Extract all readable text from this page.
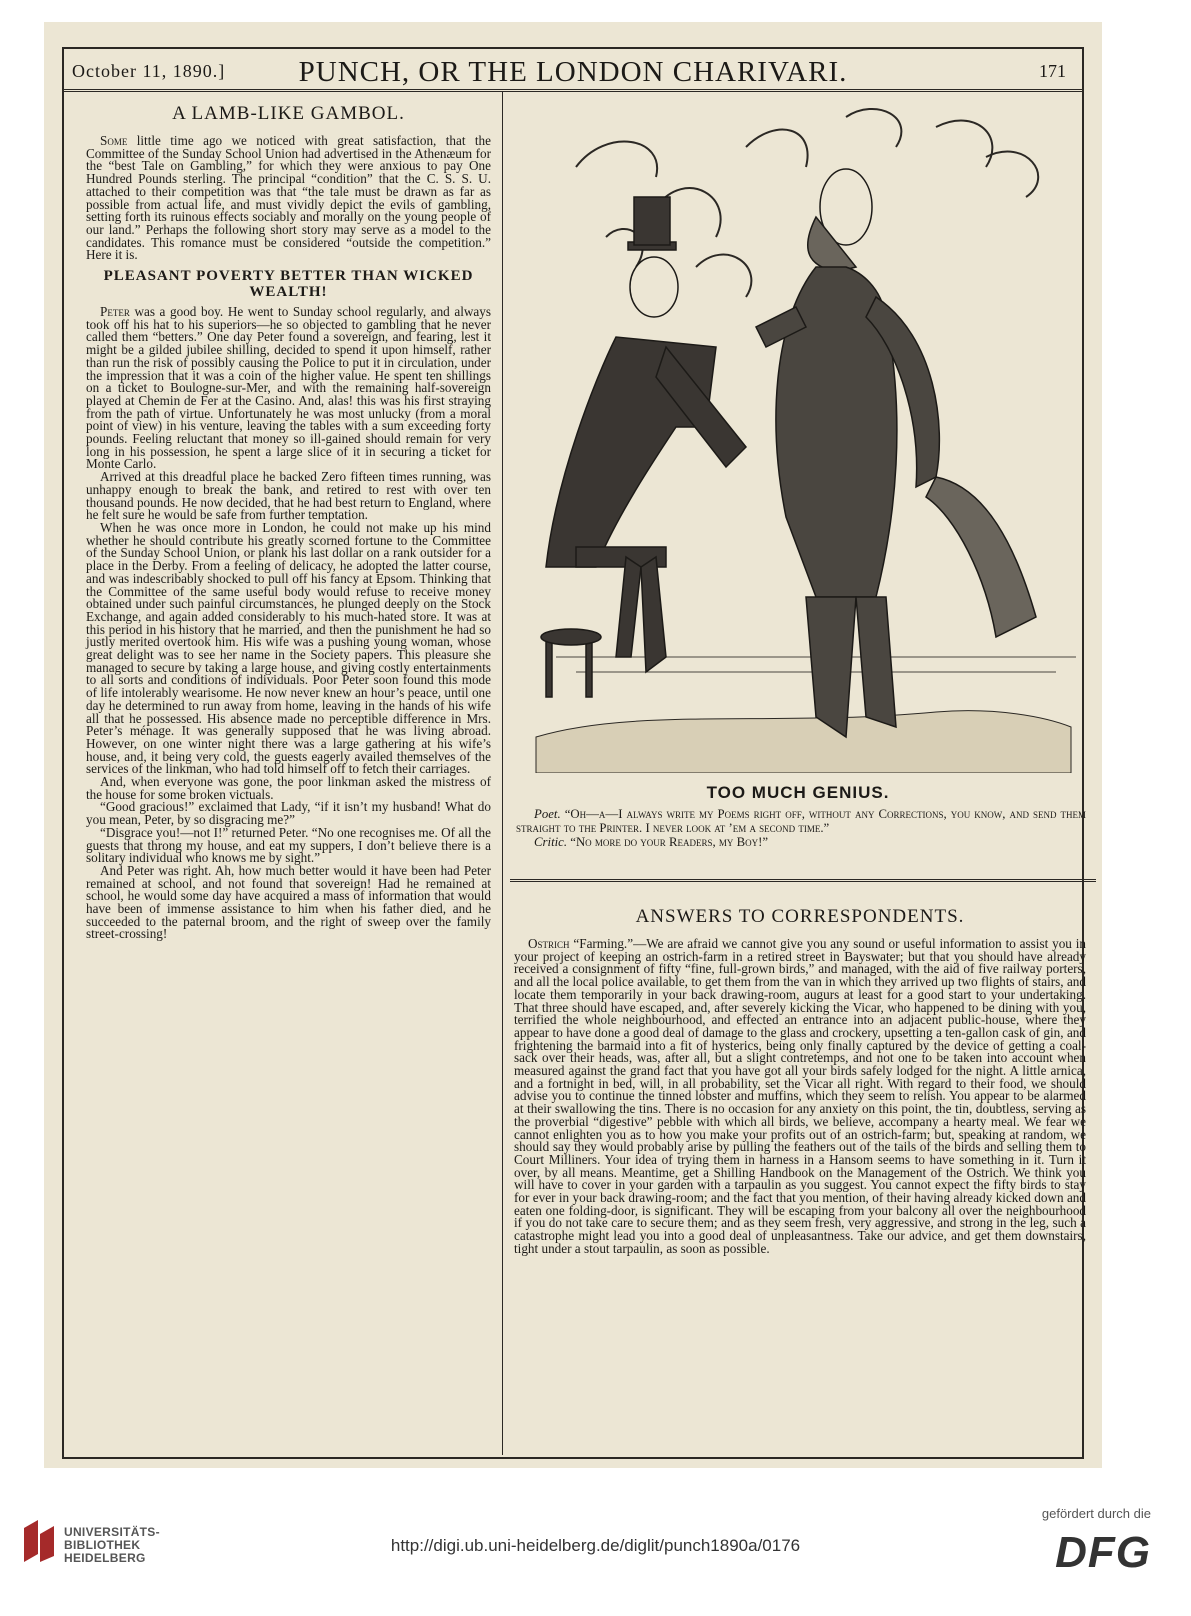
October 11, 1890.]	PUNCH, OR THE LONDON CHARIVARI.	171
A LAMB-LIKE GAMBOL.

Some little time ago we noticed with great satisfaction, that the Committee of the Sunday School Union had advertised in the Athenæum for the “best Tale on Gambling,” for which they were anxious to pay One Hundred Pounds sterling. The principal “condition” that the C. S. S. U. attached to their competition was that “the tale must be drawn as far as possible from actual life, and must vividly depict the evils of gambling, setting forth its ruinous effects sociably and morally on the young people of our land.” Perhaps the following short story may serve as a model to the candidates. This romance must be considered “outside the competition.” Here it is.

PLEASANT POVERTY BETTER THAN WICKED WEALTH!

Peter was a good boy. He went to Sunday school regularly, and always took off his hat to his superiors—he so objected to gambling that he never called them “betters.” One day Peter found a sovereign, and fearing, lest it might be a gilded jubilee shilling, decided to spend it upon himself, rather than run the risk of possibly causing the Police to put it in circulation, under the impression that it was a coin of the higher value. He spent ten shillings on a ticket to Boulogne-sur-Mer, and with the remaining half-sovereign played at Chemin de Fer at the Casino. And, alas! this was his first straying from the path of virtue. Unfortunately he was most unlucky (from a moral point of view) in his venture, leaving the tables with a sum exceeding forty pounds. Feeling reluctant that money so ill-gained should remain for very long in his possession, he spent a large slice of it in securing a ticket for Monte Carlo.

Arrived at this dreadful place he backed Zero fifteen times running, was unhappy enough to break the bank, and retired to rest with over ten thousand pounds. He now decided, that he had best return to England, where he felt sure he would be safe from further temptation.

When he was once more in London, he could not make up his mind whether he should contribute his greatly scorned fortune to the Committee of the Sunday School Union, or plank his last dollar on a rank outsider for a place in the Derby. From a feeling of delicacy, he adopted the latter course, and was indescribably shocked to pull off his fancy at Epsom. Thinking that the Committee of the same useful body would refuse to receive money obtained under such painful circumstances, he plunged deeply on the Stock Exchange, and again added considerably to his much-hated store. It was at this period in his history that he married, and then the punishment he had so justly merited overtook him. His wife was a pushing young woman, whose great delight was to see her name in the Society papers. This pleasure she managed to secure by taking a large house, and giving costly entertainments to all sorts and conditions of individuals. Poor Peter soon found this mode of life intolerably wearisome. He now never knew an hour’s peace, until one day he determined to run away from home, leaving in the hands of his wife all that he possessed. His absence made no perceptible difference in Mrs. Peter’s ménage. It was generally supposed that he was living abroad. However, on one winter night there was a large gathering at his wife’s house, and, it being very cold, the guests eagerly availed themselves of the services of the linkman, who had told himself off to fetch their carriages.

And, when everyone was gone, the poor linkman asked the mistress of the house for some broken victuals.

“Good gracious!” exclaimed that Lady, “if it isn’t my husband! What do you mean, Peter, by so disgracing me?”

“Disgrace you!—not I!” returned Peter. “No one recognises me. Of all the guests that throng my house, and eat my suppers, I don’t believe there is a solitary individual who knows me by sight.”

And Peter was right. Ah, how much better would it have been had Peter remained at school, and not found that sovereign! Had he remained at school, he would some day have acquired a mass of information that would have been of immense assistance to him when his father died, and he succeeded to the paternal broom, and the right of sweep over the family street-crossing!

TOO MUCH GENIUS.

Poet. “Oh—a—I always write my Poems right off, without any Corrections, you know, and send them straight to the Printer. I never look at ’em a second time.”

Critic. “No more do your Readers, my Boy!”

ANSWERS TO CORRESPONDENTS.

Ostrich “Farming.”—We are afraid we cannot give you any sound or useful information to assist you in your project of keeping an ostrich-farm in a retired street in Bayswater; but that you should have already received a consignment of fifty “fine, full-grown birds,” and managed, with the aid of five railway porters, and all the local police available, to get them from the van in which they arrived up two flights of stairs, and locate them temporarily in your back drawing-room, augurs at least for a good start to your undertaking. That three should have escaped, and, after severely kicking the Vicar, who happened to be dining with you, terrified the whole neighbourhood, and effected an entrance into an adjacent public-house, where they appear to have done a good deal of damage to the glass and crockery, upsetting a ten-gallon cask of gin, and frightening the barmaid into a fit of hysterics, being only finally captured by the device of getting a coal-sack over their heads, was, after all, but a slight contretemps, and not one to be taken into account when measured against the grand fact that you have got all your birds safely lodged for the night. A little arnica, and a fortnight in bed, will, in all probability, set the Vicar all right. With regard to their food, we should advise you to continue the tinned lobster and muffins, which they seem to relish. You appear to be alarmed at their swallowing the tins. There is no occasion for any anxiety on this point, the tin, doubtless, serving as the proverbial “digestive” pebble with which all birds, we believe, accompany a hearty meal. We fear we cannot enlighten you as to how you make your profits out of an ostrich-farm; but, speaking at random, we should say they would probably arise by pulling the feathers out of the tails of the birds and selling them to Court Milliners. Your idea of trying them in harness in a Hansom seems to have something in it. Turn it over, by all means. Meantime, get a Shilling Handbook on the Management of the Ostrich. We think you will have to cover in your garden with a tarpaulin as you suggest. You cannot expect the fifty birds to stay for ever in your back drawing-room; and the fact that you mention, of their having already kicked down and eaten one folding-door, is significant. They will be escaping from your balcony all over the neighbourhood if you do not take care to secure them; and as they seem fresh, very aggressive, and strong in the leg, such a catastrophe might lead you into a good deal of unpleasantness. Take our advice, and get them downstairs, tight under a stout tarpaulin, as soon as possible.

UNIVERSITÄTS-
BIBLIOTHEK
HEIDELBERG
http://digi.ub.uni-heidelberg.de/diglit/punch1890a/0176
gefördert durch die
DFG
